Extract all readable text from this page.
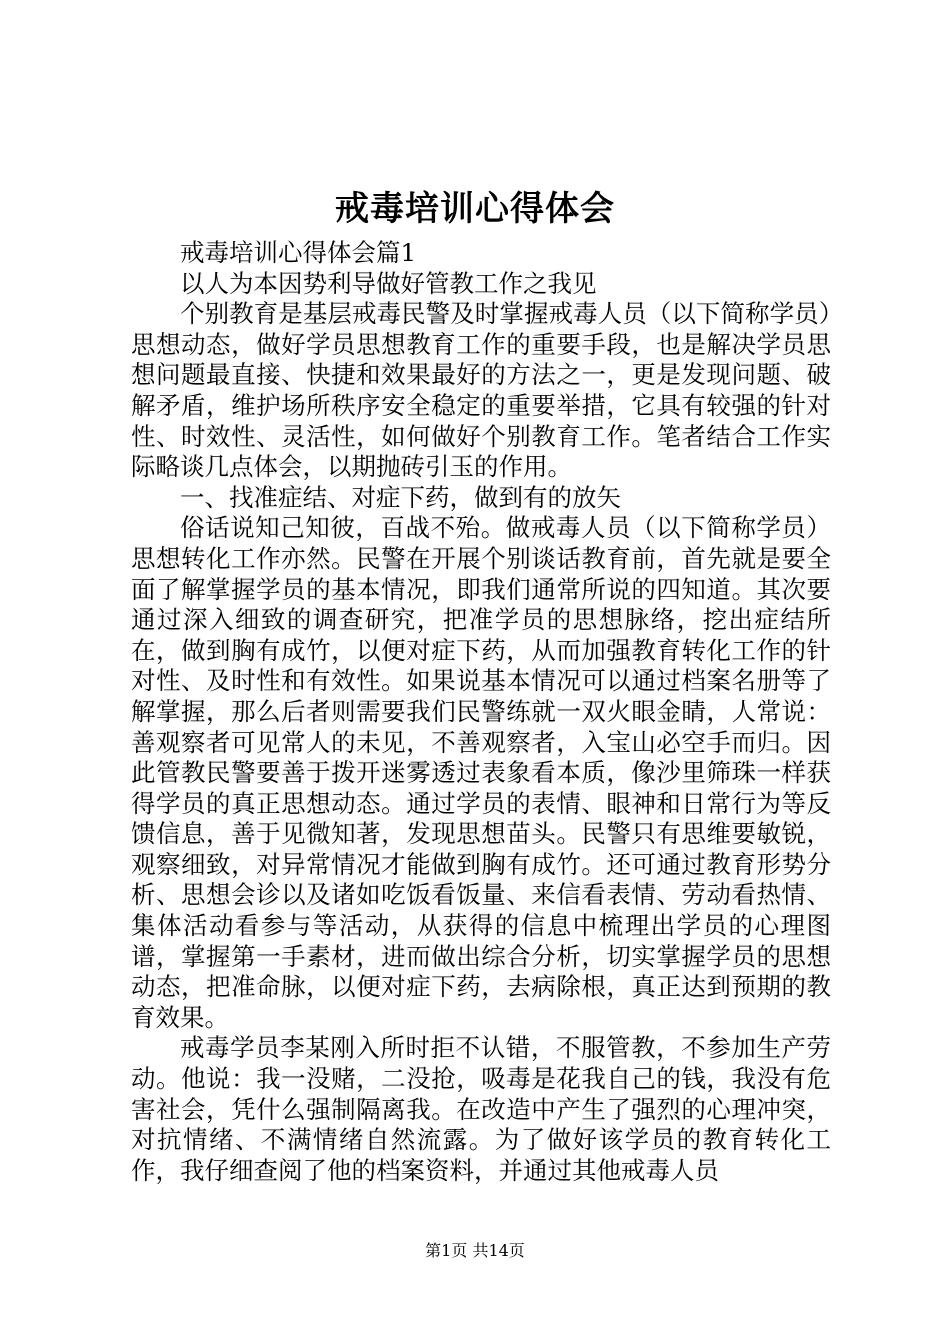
戒毒培训心得体会

戒毒培训心得体会篇1

以人为本因势利导做好管教工作之我见

个别教育是基层戒毒民警及时掌握戒毒人员（以下简称学员）思想动态，做好学员思想教育工作的重要手段，也是解决学员思想问题最直接、快捷和效果最好的方法之一，更是发现问题、破解矛盾，维护场所秩序安全稳定的重要举措，它具有较强的针对性、时效性、灵活性，如何做好个别教育工作。笔者结合工作实际略谈几点体会，以期抛砖引玉的作用。

一、找准症结、对症下药，做到有的放矢

俗话说知己知彼，百战不殆。做戒毒人员（以下简称学员）思想转化工作亦然。民警在开展个别谈话教育前，首先就是要全面了解掌握学员的基本情况，即我们通常所说的四知道。其次要通过深入细致的调查研究，把准学员的思想脉络，挖出症结所在，做到胸有成竹，以便对症下药，从而加强教育转化工作的针对性、及时性和有效性。如果说基本情况可以通过档案名册等了解掌握，那么后者则需要我们民警练就一双火眼金睛，人常说：善观察者可见常人的未见，不善观察者，入宝山必空手而归。因此管教民警要善于拨开迷雾透过表象看本质，像沙里筛珠一样获得学员的真正思想动态。通过学员的表情、眼神和日常行为等反馈信息，善于见微知著，发现思想苗头。民警只有思维要敏锐，观察细致，对异常情况才能做到胸有成竹。还可通过教育形势分析、思想会诊以及诸如吃饭看饭量、来信看表情、劳动看热情、集体活动看参与等活动，从获得的信息中梳理出学员的心理图谱，掌握第一手素材，进而做出综合分析，切实掌握学员的思想动态，把准命脉，以便对症下药，去病除根，真正达到预期的教育效果。

戒毒学员李某刚入所时拒不认错，不服管教，不参加生产劳动。他说：我一没赌，二没抢，吸毒是花我自己的钱，我没有危害社会，凭什么强制隔离我。在改造中产生了强烈的心理冲突，对抗情绪、不满情绪自然流露。为了做好该学员的教育转化工作，我仔细查阅了他的档案资料，并通过其他戒毒人员

第1页 共14页
